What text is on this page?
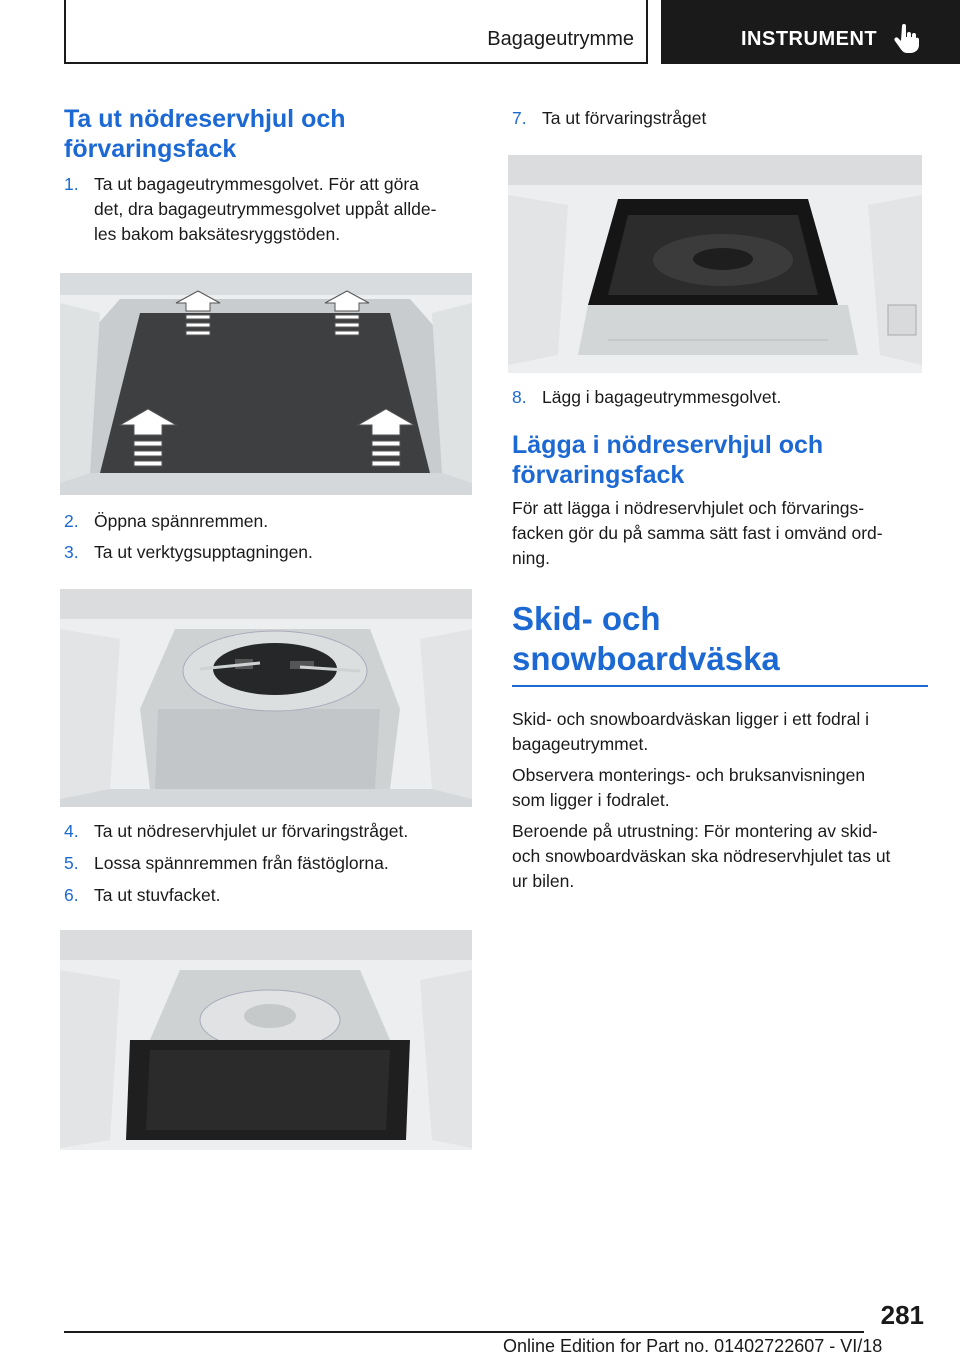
Bagageutrymme	INSTRUMENT
Ta ut nödreservhjul och
förvaringsfack
1. Ta ut bagageutrymmesgolvet. För att göra
det, dra bagageutrymmesgolvet uppåt allde‐
les bakom baksätesryggstöden.
2. Öppna spännremmen.
3. Ta ut verktygsupptagningen.
4. Ta ut nödreservhjulet ur förvaringstråget.
5. Lossa spännremmen från fästöglorna.
6. Ta ut stuvfacket.
7. Ta ut förvaringstråget
8. Lägg i bagageutrymmesgolvet.
Lägga i nödreservhjul och
förvaringsfack

För att lägga i nödreservhjulet och förvarings‐
facken gör du på samma sätt fast i omvänd ord‐
ning.

Skid- och snowboardväska

Skid- och snowboardväskan ligger i ett fodral i
bagageutrymmet.

Observera monterings- och bruksanvisningen
som ligger i fodralet.

Beroende på utrustning: För montering av skid-
och snowboardväskan ska nödreservhjulet tas ut
ur bilen.

281
Online Edition for Part no. 01402722607 - VI/18
